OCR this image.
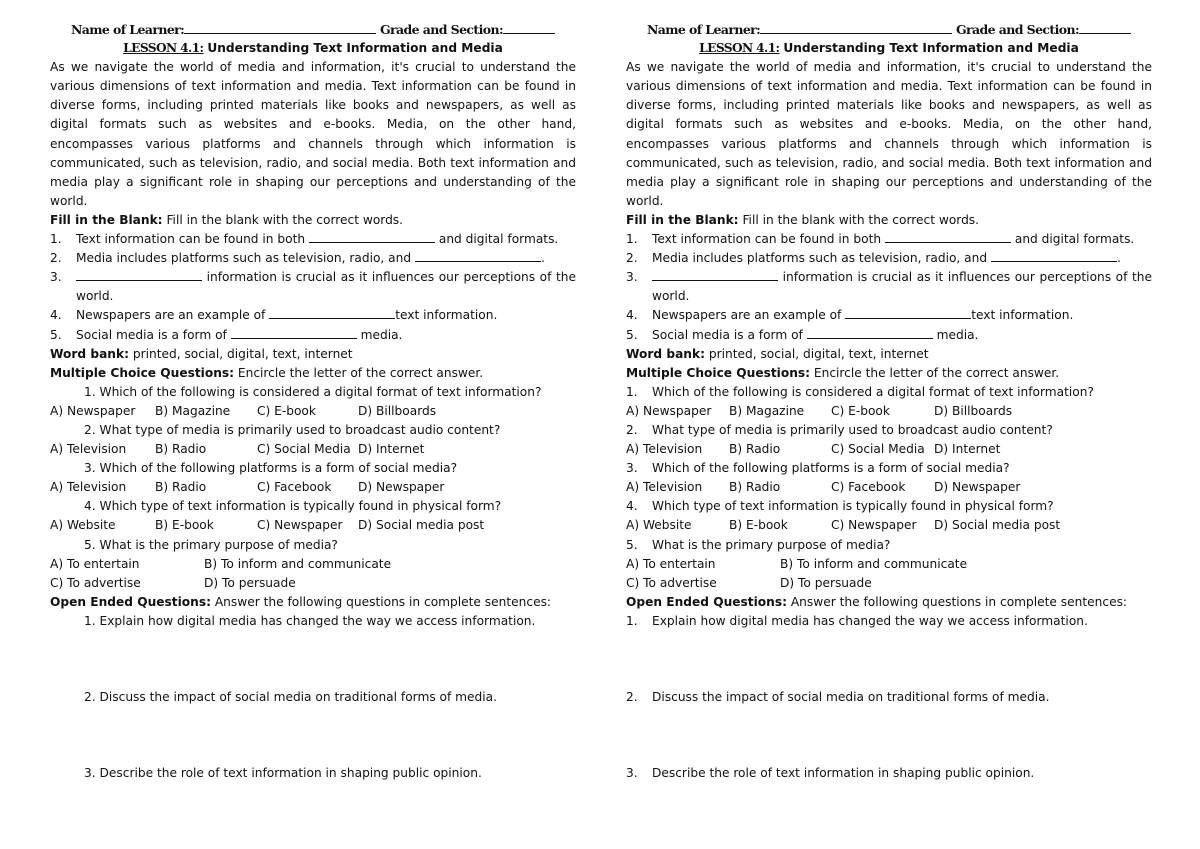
Name of Learner:	Grade and Section:
LESSON 4.1: Understanding Text Information and Media
As we navigate the world of media and information, it's crucial to understand the various dimensions of text information and media. Text information can be found in diverse forms, including printed materials like books and newspapers, as well as digital formats such as websites and e-books. Media, on the other hand, encompasses various platforms and channels through which information is communicated, such as television, radio, and social media. Both text information and media play a significant role in shaping our perceptions and understanding of the world.
Fill in the Blank: Fill in the blank with the correct words.
1.	Text information can be found in both	and digital formats.
2.	Media includes platforms such as television, radio, and	.
3.	information is crucial as it influences our perceptions of the world.
4.	Newspapers are an example of	text information.
5.	Social media is a form of	media.
Word bank: printed, social, digital, text, internet
Multiple Choice Questions: Encircle the letter of the correct answer.
1. Which of the following is considered a digital format of text information?
A) Newspaper B) Magazine C) E-book	D) Billboards
2. What type of media is primarily used to broadcast audio content?
A) Television B) Radio	C) Social Media D) Internet
3. Which of the following platforms is a form of social media?
A) Television B) Radio	C) Facebook D) Newspaper
4. Which type of text information is typically found in physical form?
A) Website	B) E-book	C) Newspaper D) Social media post
5. What is the primary purpose of media?
A) To entertain	B) To inform and communicate
C) To advertise	D) To persuade
Open Ended Questions: Answer the following questions in complete sentences:
1. Explain how digital media has changed the way we access information.
2. Discuss the impact of social media on traditional forms of media.
3. Describe the role of text information in shaping public opinion.
Name of Learner:	Grade and Section:
LESSON 4.1: Understanding Text Information and Media
As we navigate the world of media and information, it's crucial to understand the various dimensions of text information and media. Text information can be found in diverse forms, including printed materials like books and newspapers, as well as digital formats such as websites and e-books. Media, on the other hand, encompasses various platforms and channels through which information is communicated, such as television, radio, and social media. Both text information and media play a significant role in shaping our perceptions and understanding of the world.
Fill in the Blank: Fill in the blank with the correct words.
1.	Text information can be found in both	and digital formats.
2.	Media includes platforms such as television, radio, and	.
3.	information is crucial as it influences our perceptions of the world.
4.	Newspapers are an example of	text information.
5.	Social media is a form of	media.
Word bank: printed, social, digital, text, internet
Multiple Choice Questions: Encircle the letter of the correct answer.
1. Which of the following is considered a digital format of text information?
A) Newspaper B) Magazine C) E-book	D) Billboards
2. What type of media is primarily used to broadcast audio content?
A) Television B) Radio	C) Social Media D) Internet
3. Which of the following platforms is a form of social media?
A) Television B) Radio	C) Facebook D) Newspaper
4. Which type of text information is typically found in physical form?
A) Website	B) E-book	C) Newspaper D) Social media post
5. What is the primary purpose of media?
A) To entertain	B) To inform and communicate
C) To advertise	D) To persuade
Open Ended Questions: Answer the following questions in complete sentences:
1. Explain how digital media has changed the way we access information.
2. Discuss the impact of social media on traditional forms of media.
3. Describe the role of text information in shaping public opinion.
